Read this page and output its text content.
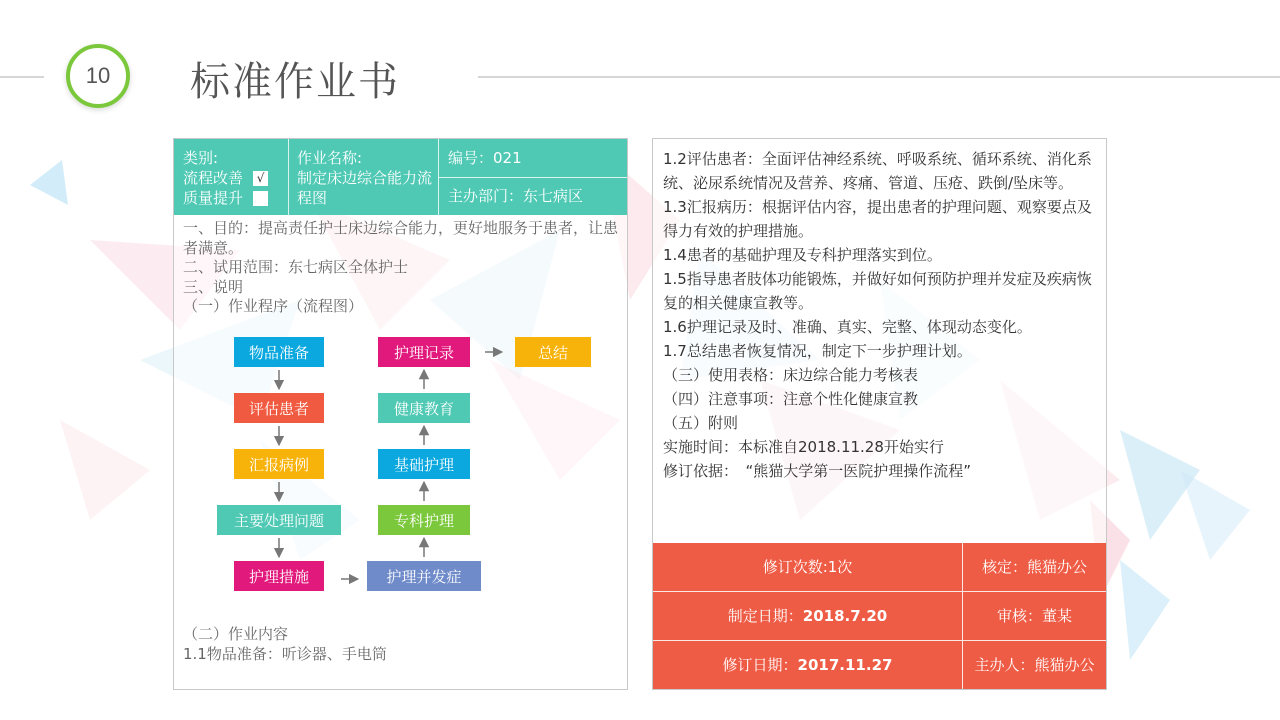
10 标准作业书
类别:
流程改善 √
质量提升
作业名称:
制定床边综合能力流程图
编号：021
主办部门：东七病区
一、目的：提高责任护士床边综合能力，更好地服务于患者，让患者满意。
二、试用范围：东七病区全体护士
三、说明
（一）作业程序（流程图）
物品准备
评估患者
汇报病例
主要处理问题
护理措施	护理并发症
专科护理
基础护理
健康教育
护理记录	总结
（二）作业内容
1.1物品准备：听诊器、手电筒
1.2评估患者：全面评估神经系统、呼吸系统、循环系统、消化系统、泌尿系统情况及营养、疼痛、管道、压疮、跌倒/坠床等。
1.3汇报病历：根据评估内容，提出患者的护理问题、观察要点及得力有效的护理措施。
1.4患者的基础护理及专科护理落实到位。
1.5指导患者肢体功能锻炼，并做好如何预防护理并发症及疾病恢复的相关健康宣教等。
1.6护理记录及时、准确、真实、完整、体现动态变化。
1.7总结患者恢复情况，制定下一步护理计划。
（三）使用表格：床边综合能力考核表
（四）注意事项：注意个性化健康宣教
（五）附则
实施时间：本标准自2018.11.28开始实行
修订依据：　“熊猫大学第一医院护理操作流程”
修订次数:1次	核定：熊猫办公
制定日期： 2018.7.20	审核：董某
修订日期： 2017.11.27	主办人：熊猫办公
